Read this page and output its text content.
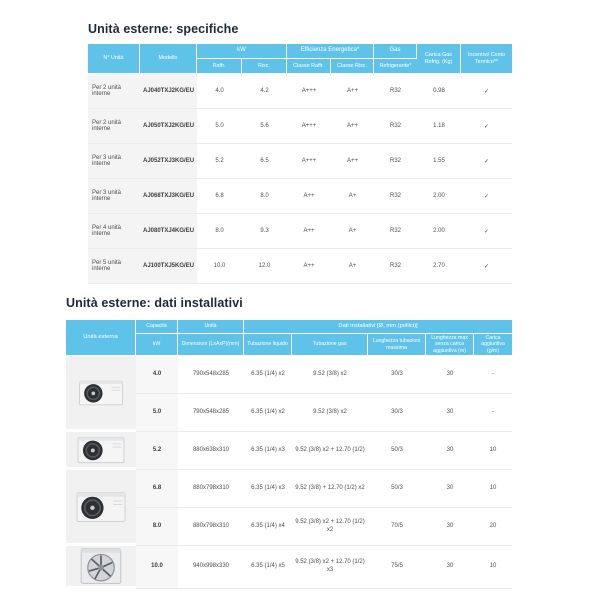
Unità esterne: specifiche
N° Unità	Modello	kW		Efficienza Energetica*		Gas	Carica Gas Refrig. (Kg)	Incentivi/ Conto Termico**
		Raffr.	Risc.	Classe Raffr.	Classe Risc.	Refrigerante*		
Per 2 unità interne	AJ040TXJ2KG/EU	4.0	4.2	A+++	A++	R32	0.98	✓
Per 2 unità interne	AJ050TXJ2KG/EU	5.0	5.6	A+++	A++	R32	1.18	✓
Per 3 unità interne	AJ052TXJ3KG/EU	5.2	6.5	A+++	A++	R32	1.55	✓
Per 3 unità interne	AJ068TXJ3KG/EU	6.8	8.0	A++	A+	R32	2.00	✓
Per 4 unità interne	AJ080TXJ4KG/EU	8.0	9.3	A++	A+	R32	2.00	✓
Per 5 unità interne	AJ100TXJ5KG/EU	10.0	12.0	A++	A+	R32	2.70	✓
Unità esterne: dati installativi
Unità esterna	Capacità	Unità	Dati installativi [Ø, mm (pollici)]				
	kW	Dimensioni (LxAxP)(mm)	Tubazione liquido	Tubazione gas	Lunghezza tubazioni massima	Lunghezza max senza carica aggiuntiva (m)	Carica aggiuntiva (g/m)
	4.0	790x548x285	6.35 (1/4) x2	9.52 (3/8) x2	30/3	30	-
	5.0	790x548x285	6.35 (1/4) x2	9.52 (3/8) x2	30/3	30	-
	5.2	880x638x310	6.35 (1/4) x3	9.52 (3/8) x2 + 12.70 (1/2)	50/3	30	10
	6.8	880x798x310	6.35 (1/4) x3	9.52 (3/8) + 12.70 (1/2) x2	50/3	30	10
	8.0	880x798x310	6.35 (1/4) x4	9.52 (3/8) x2 + 12.70 (1/2) x2	70/5	30	20
	10.0	940x998x330	6.35 (1/4) x5	9.52 (3/8) x2 + 12.70 (1/2) x3	75/5	30	10
